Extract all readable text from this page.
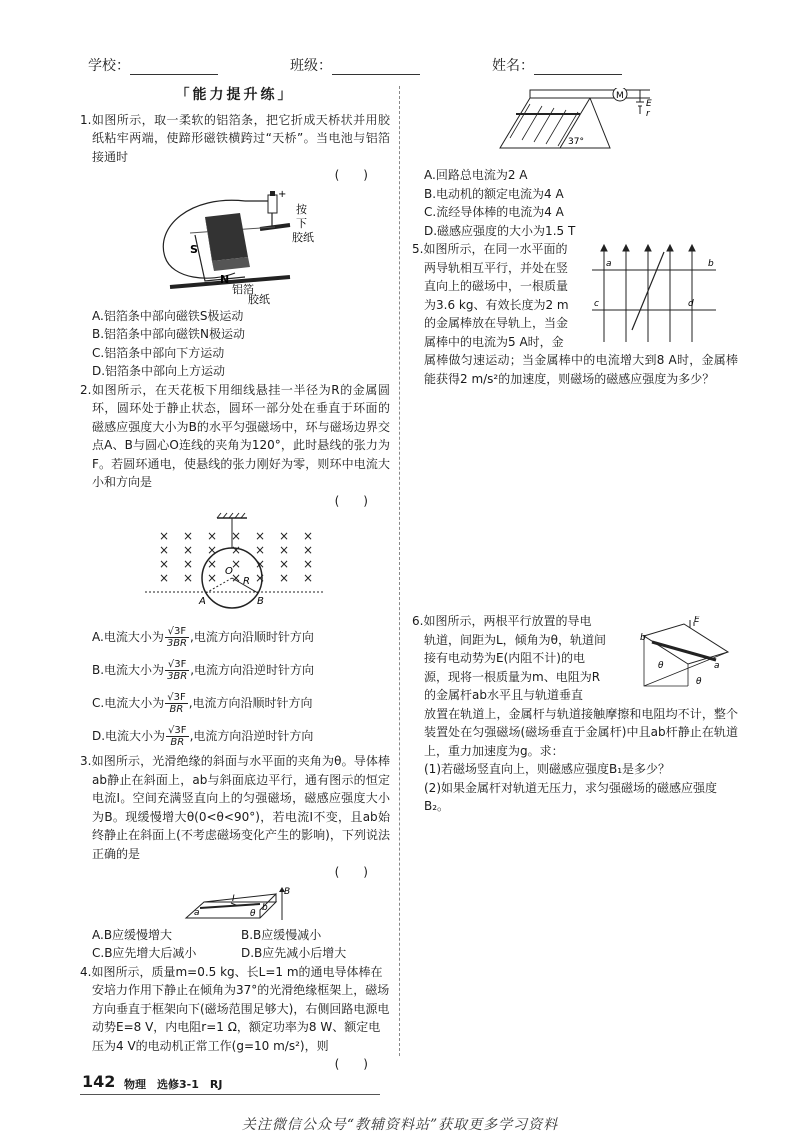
学校：	班级：	姓名：
「能力提升练」
1.如图所示，取一柔软的铝箔条，把它折成天桥状并用胶纸粘牢两端，使蹄形磁铁横跨过“天桥”。当电池与铝箔接通时
(　　)
+
按
下
胶纸
S
N
铝箔
胶纸
A.铝箔条中部向磁铁S极运动
B.铝箔条中部向磁铁N极运动
C.铝箔条中部向下方运动
D.铝箔条中部向上方运动
2.如图所示，在天花板下用细线悬挂一半径为R的金属圆环，圆环处于静止状态，圆环一部分处在垂直于环面的磁感应强度大小为B的水平匀强磁场中，环与磁场边界交点A、B与圆心O连线的夹角为120°，此时悬线的张力为F。若圆环通电，使悬线的张力刚好为零，则环中电流大小和方向是
(　　)
× × × × × × ×
× × × × × × ×
× × × × × × ×
× × × × × × ×
O
R
A	B
A.电流大小为 $\frac{√3F}{3BR}$ ,电流方向沿顺时针方向
B.电流大小为 $\frac{√3F}{3BR}$ ,电流方向沿逆时针方向
C.电流大小为 $\frac{√3F}{BR}$ ,电流方向沿顺时针方向
D.电流大小为 $\frac{√3F}{BR}$ ,电流方向沿逆时针方向
3.如图所示，光滑绝缘的斜面与水平面的夹角为θ。导体棒ab静止在斜面上，ab与斜面底边平行，通有图示的恒定电流I。空间充满竖直向上的匀强磁场，磁感应强度大小为B。现缓慢增大θ(0<θ<90°)，若电流I不变，且ab始终静止在斜面上(不考虑磁场变化产生的影响)，下列说法正确的是
(　　)
a	b
I
θ
B
A.B应缓慢增大	B.B应缓慢减小
C.B应先增大后减小	D.B应先减小后增大
4.如图所示，质量m=0.5 kg、长L=1 m的通电导体棒在安培力作用下静止在倾角为37°的光滑绝缘框架上，磁场方向垂直于框架向下(磁场范围足够大)，右侧回路电源电动势E=8 V，内电阻r=1 Ω，额定功率为8 W、额定电压为4 V的电动机正常工作(g=10 m/s²)，则
(　　)
M
E
r
37°
A.回路总电流为2 A
B.电动机的额定电流为4 A
C.流经导体棒的电流为4 A
D.磁感应强度的大小为1.5 T
5.如图所示，在同一水平面的
两导轨相互平行，并处在竖
直向上的磁场中，一根质量
为3.6 kg、有效长度为2 m
的金属棒放在导轨上，当金
属棒中的电流为5 A时，金
a	b
c	d
属棒做匀速运动；当金属棒中的电流增大到8 A时，金属棒能获得2 m/s²的加速度，则磁场的磁感应强度为多少？
6.如图所示，两根平行放置的导电
轨道，间距为L，倾角为θ，轨道间
接有电动势为E(内阻不计)的电
源，现将一根质量为m、电阻为R
的金属杆ab水平且与轨道垂直
E
b
a
θ
θ
放置在轨道上，金属杆与轨道接触摩擦和电阻均不计，整个装置处在匀强磁场(磁场垂直于金属杆)中且ab杆静止在轨道上，重力加速度为g。求：
(1)若磁场竖直向上，则磁感应强度B₁是多少？
(2)如果金属杆对轨道无压力，求匀强磁场的磁感应强度B₂。
142 物理　选修3-1　RJ
关注微信公众号“教辅资料站”获取更多学习资料
